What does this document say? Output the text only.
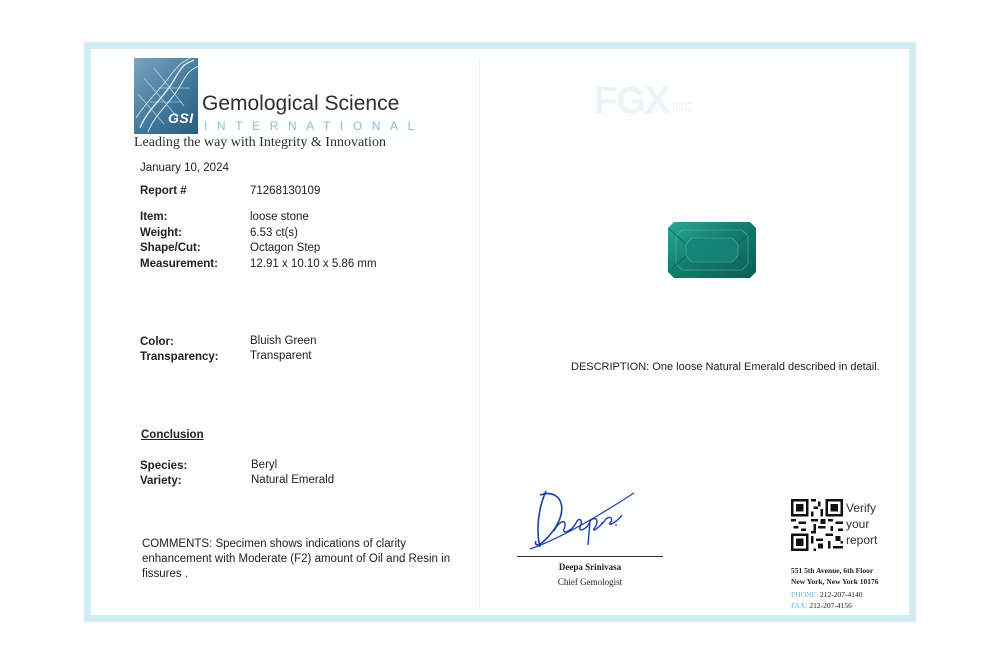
GSI
Gemological Science
INTERNATIONAL
Leading the way with Integrity & Innovation
January 10, 2024
Report #	71268130109
Item:	loose stone
Weight:	6.53 ct(s)
Shape/Cut:	Octagon Step
Measurement:	12.91 x 10.10 x 5.86 mm
Color:	Bluish Green
Transparency:	Transparent
Conclusion
Species:	Beryl
Variety:	Natural Emerald
COMMENTS: Specimen shows indications of clarity enhancement with Moderate (F2) amount of Oil and Resin in fissures .
FGX INC
DESCRIPTION: One loose Natural Emerald described in detail.
Deepa Srinivasa
Chief Gemologist
Verify
your
report
551 5th Avenue, 6th Floor
New York, New York 10176
PHONE: 212-207-4140
FAX: 212-207-4156
